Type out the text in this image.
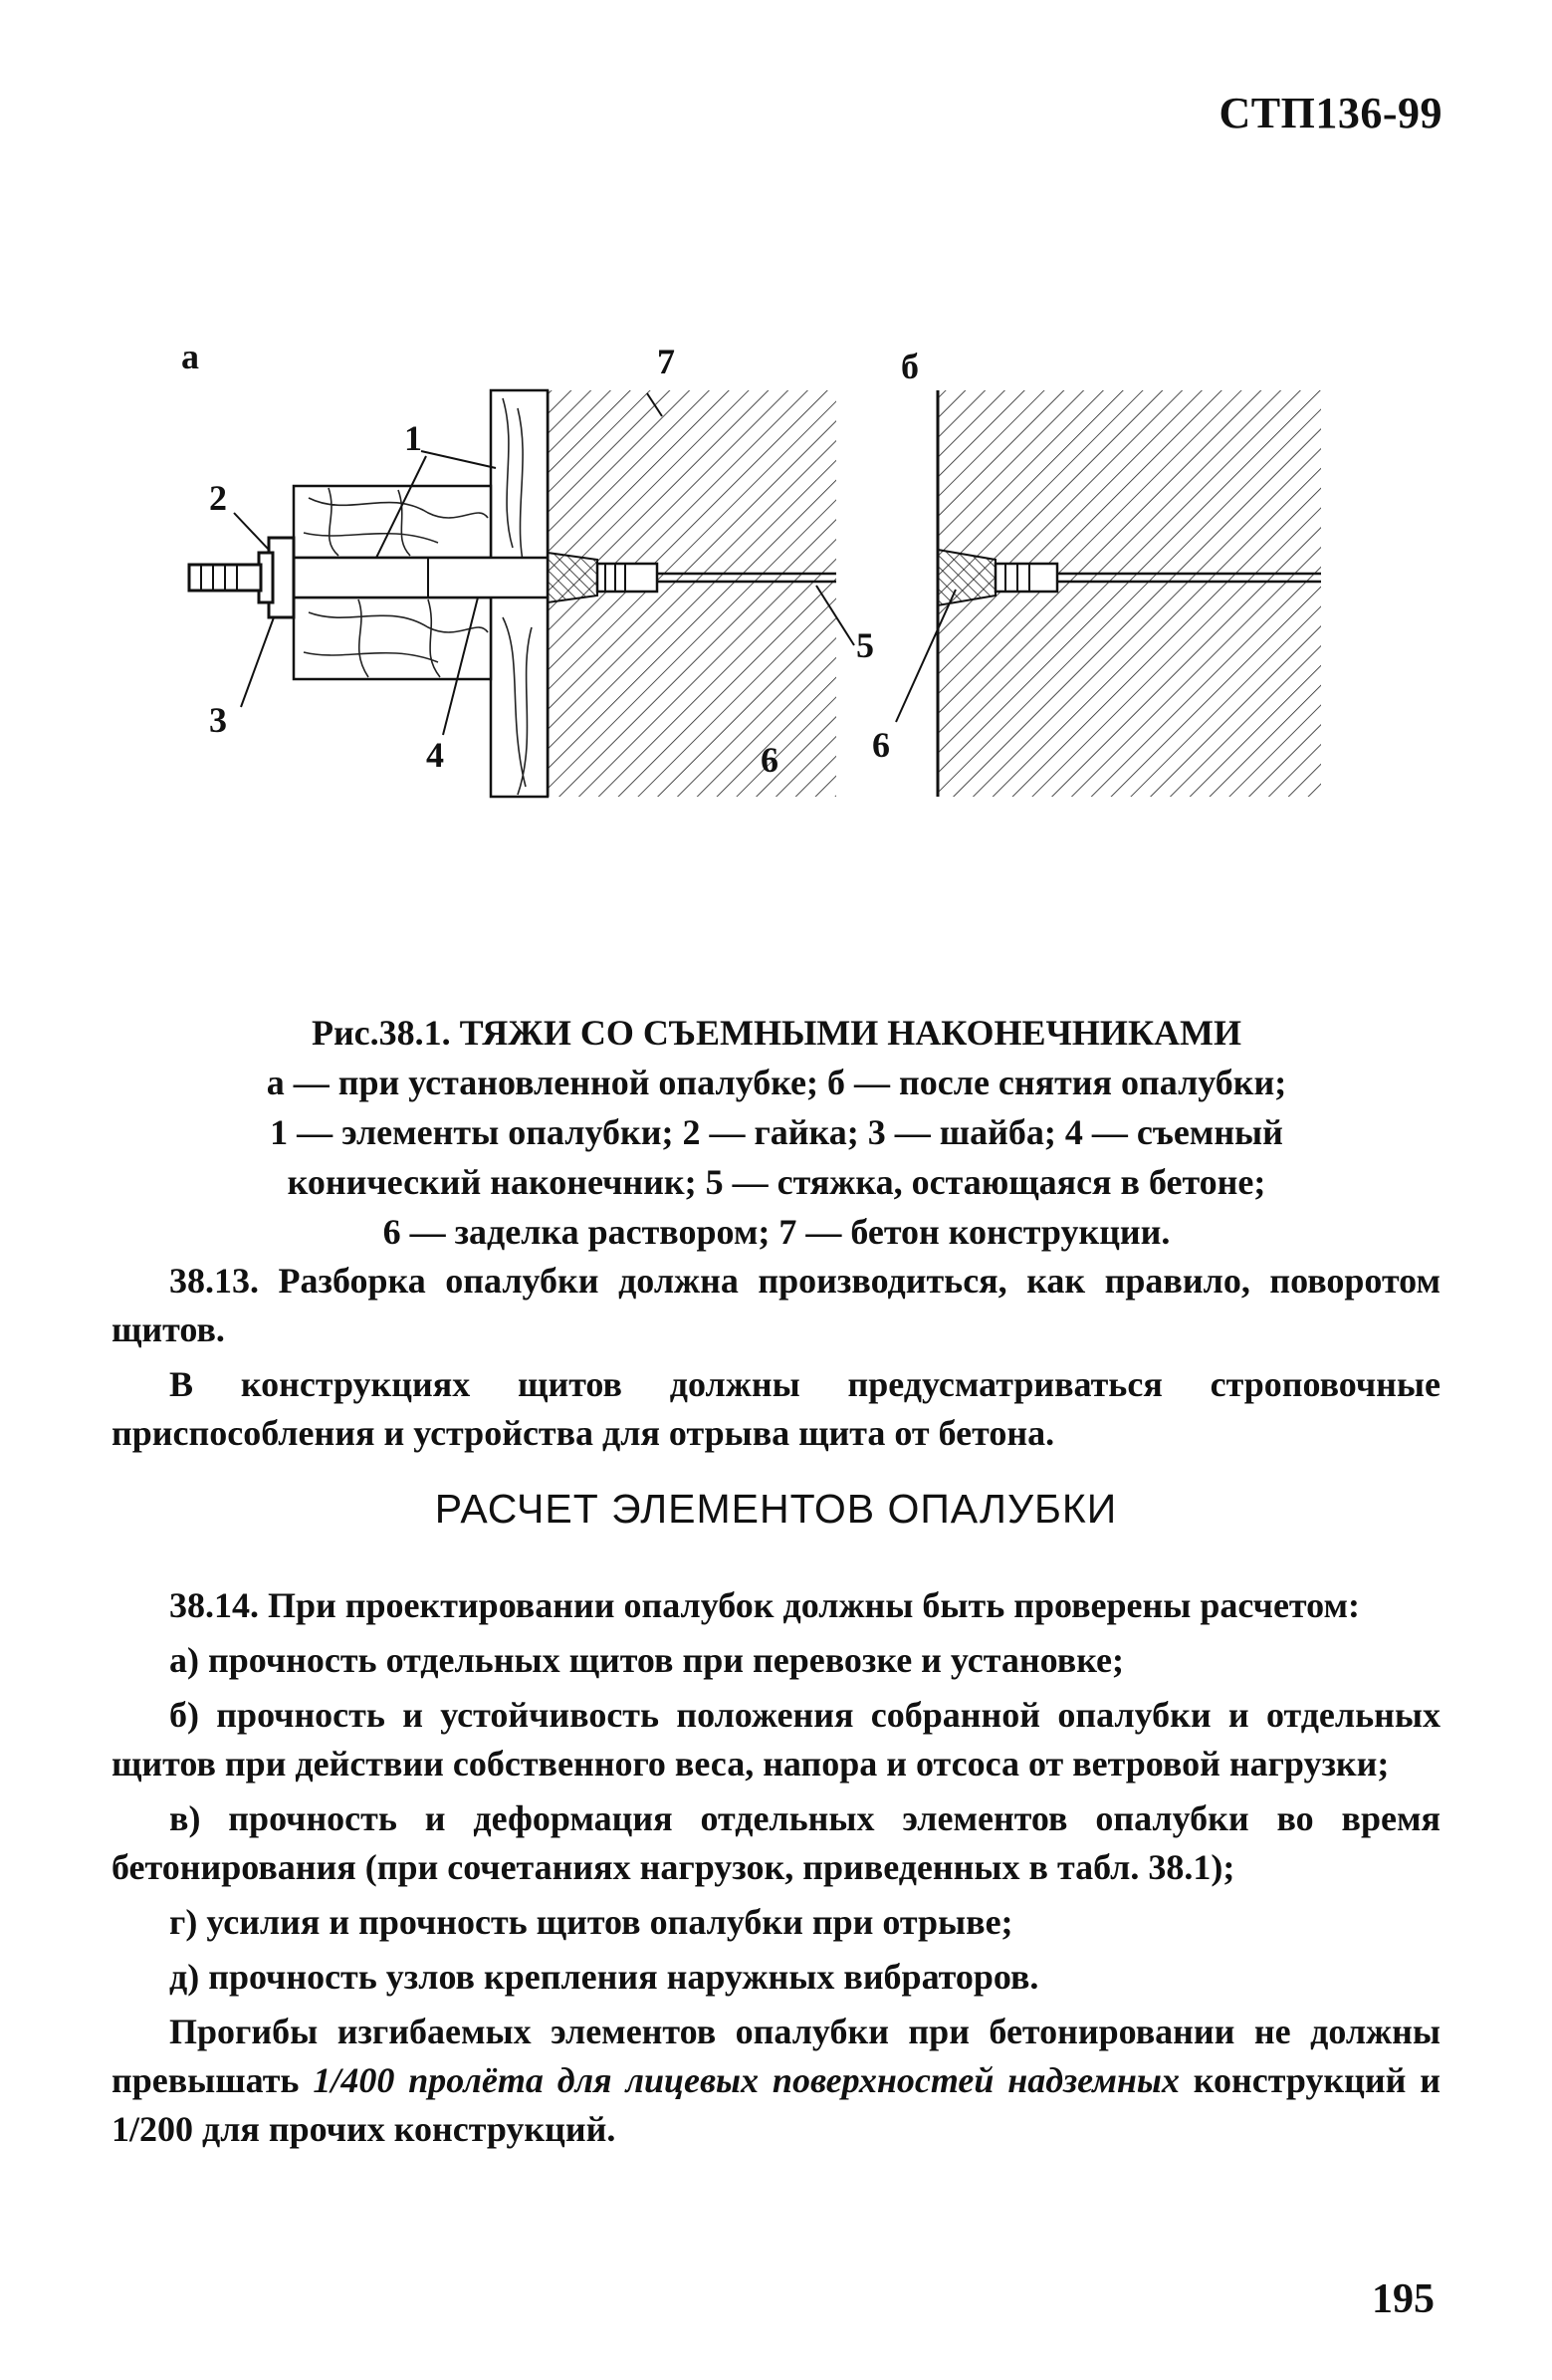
СТП136-99
а	б
1
2
3
4
5
6
7
6
Рис.38.1. ТЯЖИ СО СЪЕМНЫМИ НАКОНЕЧНИКАМИ
а — при установленной опалубке; б — после снятия опалубки;
1 — элементы опалубки; 2 — гайка; 3 — шайба; 4 — съемный
конический наконечник; 5 — стяжка, остающаяся в бетоне;
6 — заделка раствором; 7 — бетон конструкции.

38.13. Разборка опалубки должна производиться, как правило, поворотом щитов.

В конструкциях щитов должны предусматриваться строповочные приспособления и устройства для отрыва щита от бетона.

РАСЧЕТ ЭЛЕМЕНТОВ ОПАЛУБКИ

38.14. При проектировании опалубок должны быть проверены расчетом:

а) прочность отдельных щитов при перевозке и установке;

б) прочность и устойчивость положения собранной опалубки и отдельных щитов при действии собственного веса, напора и отсоса от ветровой нагрузки;

в) прочность и деформация отдельных элементов опалубки во время бетонирования (при сочетаниях нагрузок, приведенных в табл. 38.1);

г) усилия и прочность щитов опалубки при отрыве;

д) прочность узлов крепления наружных вибраторов.

Прогибы изгибаемых элементов опалубки при бетонировании не должны превышать 1/400 пролёта для лицевых поверхностей надземных конструкций и 1/200 для прочих конструкций.

195
